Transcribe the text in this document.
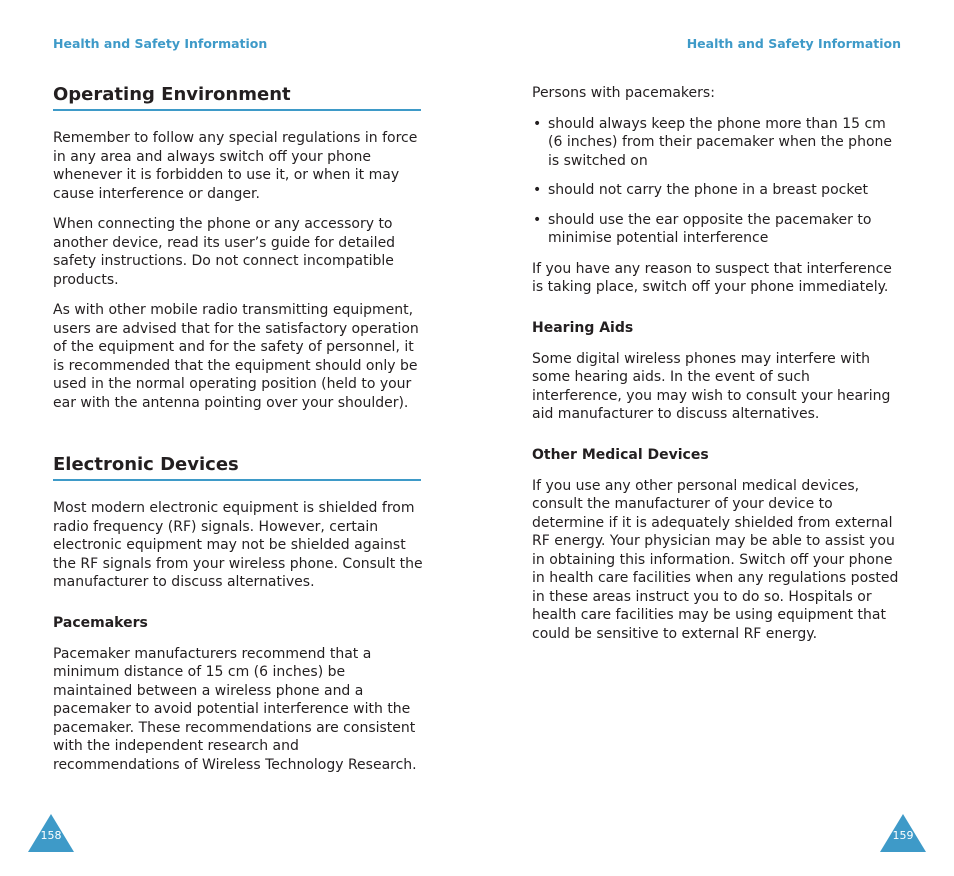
Health and Safety Information
Operating Environment

Remember to follow any special regulations in force in any area and always switch off your phone whenever it is forbidden to use it, or when it may cause interference or danger.

When connecting the phone or any accessory to another device, read its user’s guide for detailed safety instructions. Do not connect incompatible products.

As with other mobile radio transmitting equipment, users are advised that for the satisfactory operation of the equipment and for the safety of personnel, it is recommended that the equipment should only be used in the normal operating position (held to your ear with the antenna pointing over your shoulder).

Electronic Devices

Most modern electronic equipment is shielded from radio frequency (RF) signals. However, certain electronic equipment may not be shielded against the RF signals from your wireless phone. Consult the manufacturer to discuss alternatives.

Pacemakers

Pacemaker manufacturers recommend that a minimum distance of 15 cm (6 inches) be maintained between a wireless phone and a pacemaker to avoid potential interference with the pacemaker. These recommendations are consistent with the independent research and recommendations of Wireless Technology Research.

158
Health and Safety Information

Persons with pacemakers:

• should always keep the phone more than 15 cm (6 inches) from their pacemaker when the phone is switched on
• should not carry the phone in a breast pocket
• should use the ear opposite the pacemaker to minimise potential interference

If you have any reason to suspect that interference is taking place, switch off your phone immediately.

Hearing Aids

Some digital wireless phones may interfere with some hearing aids. In the event of such interference, you may wish to consult your hearing aid manufacturer to discuss alternatives.

Other Medical Devices

If you use any other personal medical devices, consult the manufacturer of your device to determine if it is adequately shielded from external RF energy. Your physician may be able to assist you in obtaining this information. Switch off your phone in health care facilities when any regulations posted in these areas instruct you to do so. Hospitals or health care facilities may be using equipment that could be sensitive to external RF energy.

159
